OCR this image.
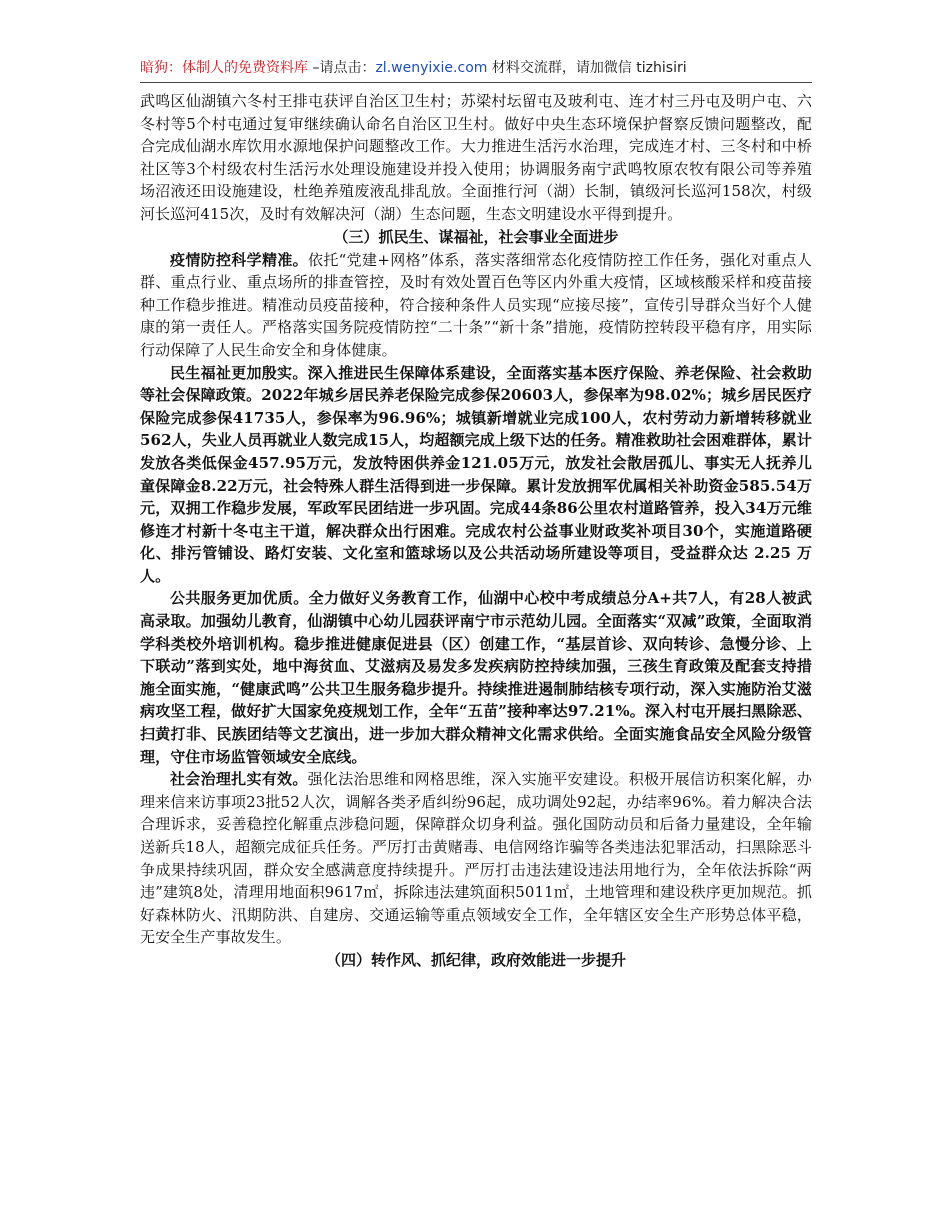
暗狗：体制人的免费资料库 –请点击：zl.wenyixie.com 材料交流群，请加微信 tizhisiri

武鸣区仙湖镇六冬村王排屯获评自治区卫生村；苏梁村坛留屯及玻利屯、连才村三丹屯及明户屯、六冬村等5个村屯通过复审继续确认命名自治区卫生村。做好中央生态环境保护督察反馈问题整改，配合完成仙湖水库饮用水源地保护问题整改工作。大力推进生活污水治理，完成连才村、三冬村和中桥社区等3个村级农村生活污水处理设施建设并投入使用；协调服务南宁武鸣牧原农牧有限公司等养殖场沼液还田设施建设，杜绝养殖废液乱排乱放。全面推行河（湖）长制，镇级河长巡河158次，村级河长巡河415次，及时有效解决河（湖）生态问题，生态文明建设水平得到提升。

（三）抓民生、谋福祉，社会事业全面进步

疫情防控科学精准。依托“党建+网格”体系，落实落细常态化疫情防控工作任务，强化对重点人群、重点行业、重点场所的排查管控，及时有效处置百色等区内外重大疫情，区域核酸采样和疫苗接种工作稳步推进。精准动员疫苗接种，符合接种条件人员实现“应接尽接”，宣传引导群众当好个人健康的第一责任人。严格落实国务院疫情防控“二十条”“新十条”措施，疫情防控转段平稳有序，用实际行动保障了人民生命安全和身体健康。

民生福祉更加殷实。深入推进民生保障体系建设，全面落实基本医疗保险、养老保险、社会救助等社会保障政策。2022年城乡居民养老保险完成参保20603人，参保率为98.02%；城乡居民医疗保险完成参保41735人，参保率为96.96%；城镇新增就业完成100人，农村劳动力新增转移就业562人，失业人员再就业人数完成15人，均超额完成上级下达的任务。精准救助社会困难群体，累计发放各类低保金457.95万元，发放特困供养金121.05万元，放发社会散居孤儿、事实无人抚养儿童保障金8.22万元，社会特殊人群生活得到进一步保障。累计发放拥军优属相关补助资金585.54万元，双拥工作稳步发展，军政军民团结进一步巩固。完成44条86公里农村道路管养，投入34万元维修连才村新十冬屯主干道，解决群众出行困难。完成农村公益事业财政奖补项目30个，实施道路硬化、排污管铺设、路灯安装、文化室和篮球场以及公共活动场所建设等项目，受益群众达 2.25 万人。

公共服务更加优质。全力做好义务教育工作，仙湖中心校中考成绩总分A+共7人，有28人被武高录取。加强幼儿教育，仙湖镇中心幼儿园获评南宁市示范幼儿园。全面落实“双减”政策，全面取消学科类校外培训机构。稳步推进健康促进县（区）创建工作，“基层首诊、双向转诊、急慢分诊、上下联动”落到实处，地中海贫血、艾滋病及易发多发疾病防控持续加强，三孩生育政策及配套支持措施全面实施，“健康武鸣”公共卫生服务稳步提升。持续推进遏制肺结核专项行动，深入实施防治艾滋病攻坚工程，做好扩大国家免疫规划工作，全年“五苗”接种率达97.21%。深入村屯开展扫黑除恶、扫黄打非、民族团结等文艺演出，进一步加大群众精神文化需求供给。全面实施食品安全风险分级管理，守住市场监管领域安全底线。

社会治理扎实有效。强化法治思维和网格思维，深入实施平安建设。积极开展信访积案化解，办理来信来访事项23批52人次，调解各类矛盾纠纷96起，成功调处92起，办结率96%。着力解决合法合理诉求，妥善稳控化解重点涉稳问题，保障群众切身利益。强化国防动员和后备力量建设，全年输送新兵18人，超额完成征兵任务。严厉打击黄赌毒、电信网络诈骗等各类违法犯罪活动，扫黑除恶斗争成果持续巩固，群众安全感满意度持续提升。严厉打击违法建设违法用地行为，全年依法拆除“两违”建筑8处，清理用地面积9617㎡，拆除违法建筑面积5011㎡，土地管理和建设秩序更加规范。抓好森林防火、汛期防洪、自建房、交通运输等重点领域安全工作，全年辖区安全生产形势总体平稳，无安全生产事故发生。

（四）转作风、抓纪律，政府效能进一步提升
